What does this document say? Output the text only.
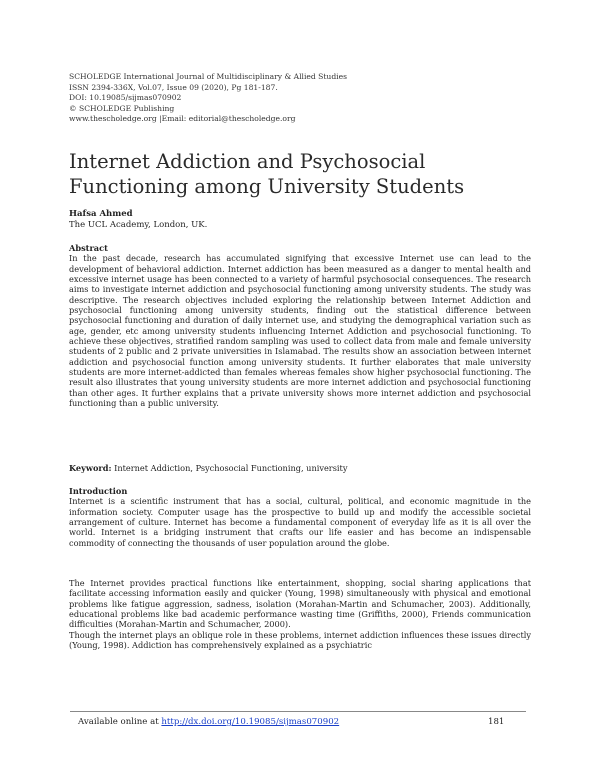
SCHOLEDGE International Journal of Multidisciplinary & Allied Studies
ISSN 2394-336X, Vol.07, Issue 09 (2020), Pg 181-187.
DOI: 10.19085/sijmas070902
© SCHOLEDGE Publishing
www.thescholedge.org |Email: editorial@thescholedge.org
Internet Addiction and Psychosocial
Functioning among University Students
Hafsa Ahmed
The UCL Academy, London, UK.
Abstract
In the past decade, research has accumulated signifying that excessive Internet use can lead to the development of behavioral addiction. Internet addiction has been measured as a danger to mental health and excessive internet usage has been connected to a variety of harmful psychosocial consequences. The research aims to investigate internet addiction and psychosocial functioning among university students. The study was descriptive. The research objectives included exploring the relationship between Internet Addiction and psychosocial functioning among university students, finding out the statistical difference between psychosocial functioning and duration of daily internet use, and studying the demographical variation such as age, gender, etc among university students influencing Internet Addiction and psychosocial functioning. To achieve these objectives, stratified random sampling was used to collect data from male and female university students of 2 public and 2 private universities in Islamabad. The results show an association between internet addiction and psychosocial function among university students. It further elaborates that male university students are more internet-addicted than females whereas females show higher psychosocial functioning. The result also illustrates that young university students are more internet addiction and psychosocial functioning than other ages. It further explains that a private university shows more internet addiction and psychosocial functioning than a public university.
Keyword: Internet Addiction, Psychosocial Functioning, university
Introduction
Internet is a scientific instrument that has a social, cultural, political, and economic magnitude in the information society. Computer usage has the prospective to build up and modify the accessible societal arrangement of culture. Internet has become a fundamental component of everyday life as it is all over the world. Internet is a bridging instrument that crafts our life easier and has become an indispensable commodity of connecting the thousands of user population around the globe.
The Internet provides practical functions like entertainment, shopping, social sharing applications that facilitate accessing information easily and quicker (Young, 1998) simultaneously with physical and emotional problems like fatigue aggression, sadness, isolation (Morahan-Martin and Schumacher, 2003). Additionally, educational problems like bad academic performance wasting time (Griffiths, 2000), Friends communication difficulties (Morahan-Martin and Schumacher, 2000).
Though the internet plays an oblique role in these problems, internet addiction influences these issues directly (Young, 1998). Addiction has comprehensively explained as a psychiatric
Available online at http://dx.doi.org/10.19085/sijmas070902	181
